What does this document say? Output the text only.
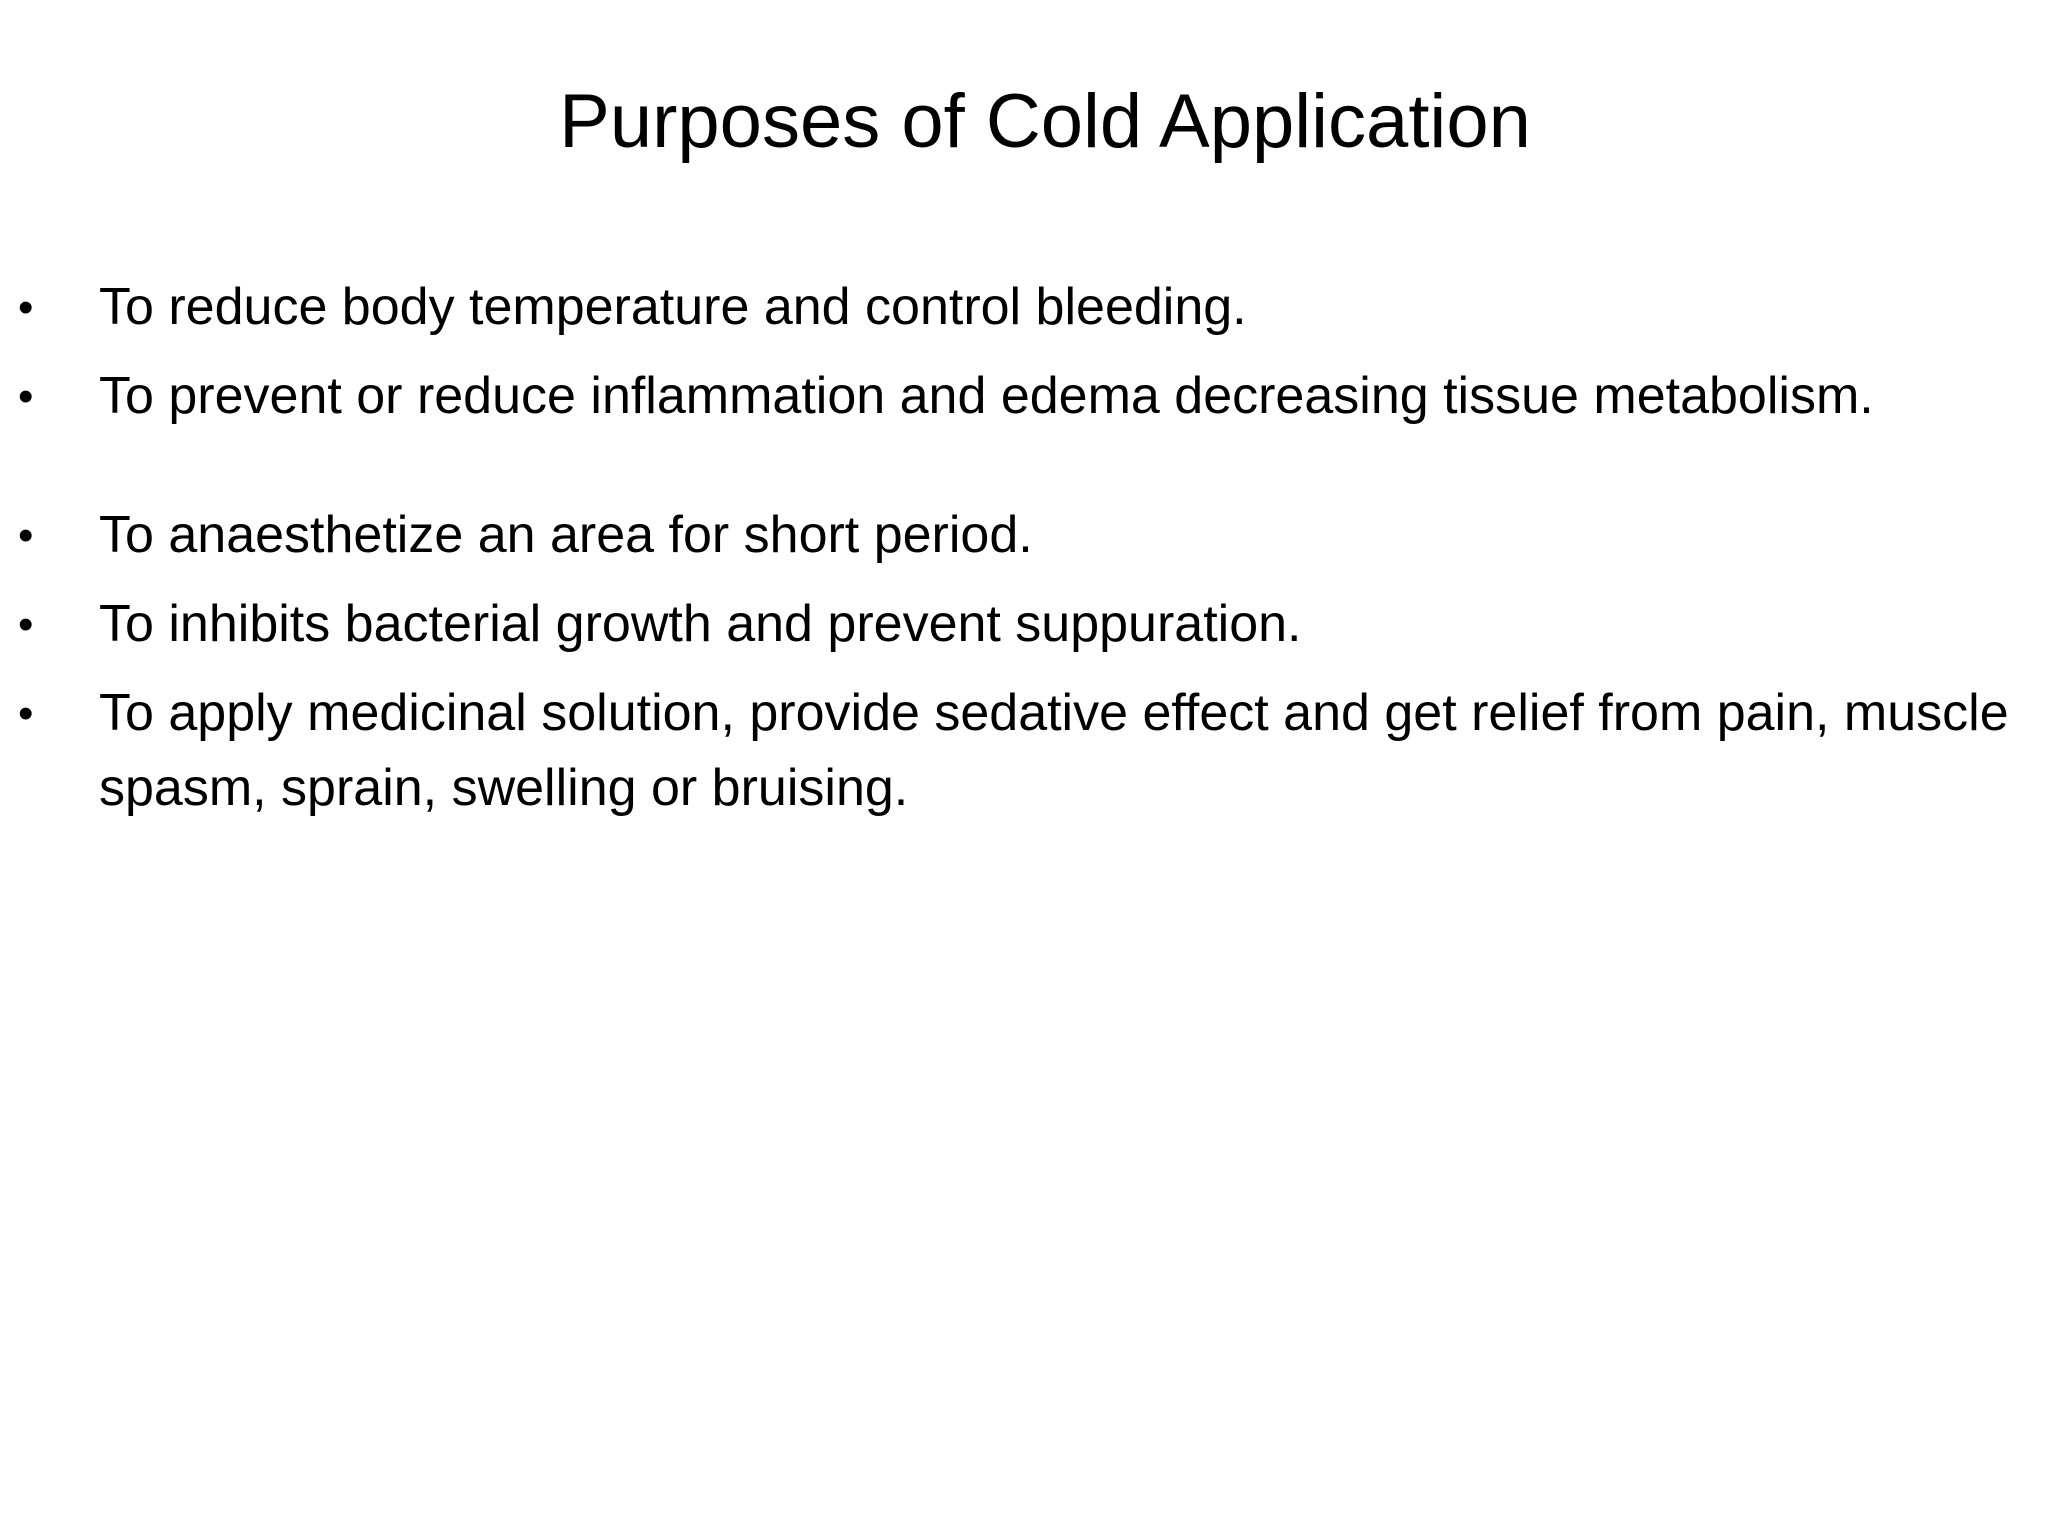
Purposes of Cold Application
• To reduce body temperature and control bleeding.
• To prevent or reduce inflammation and edema decreasing tissue metabolism.
• To anaesthetize an area for short period.
• To inhibits bacterial growth and prevent suppuration.
• To apply medicinal solution, provide sedative effect and get relief from pain, muscle spasm, sprain, swelling or bruising.
